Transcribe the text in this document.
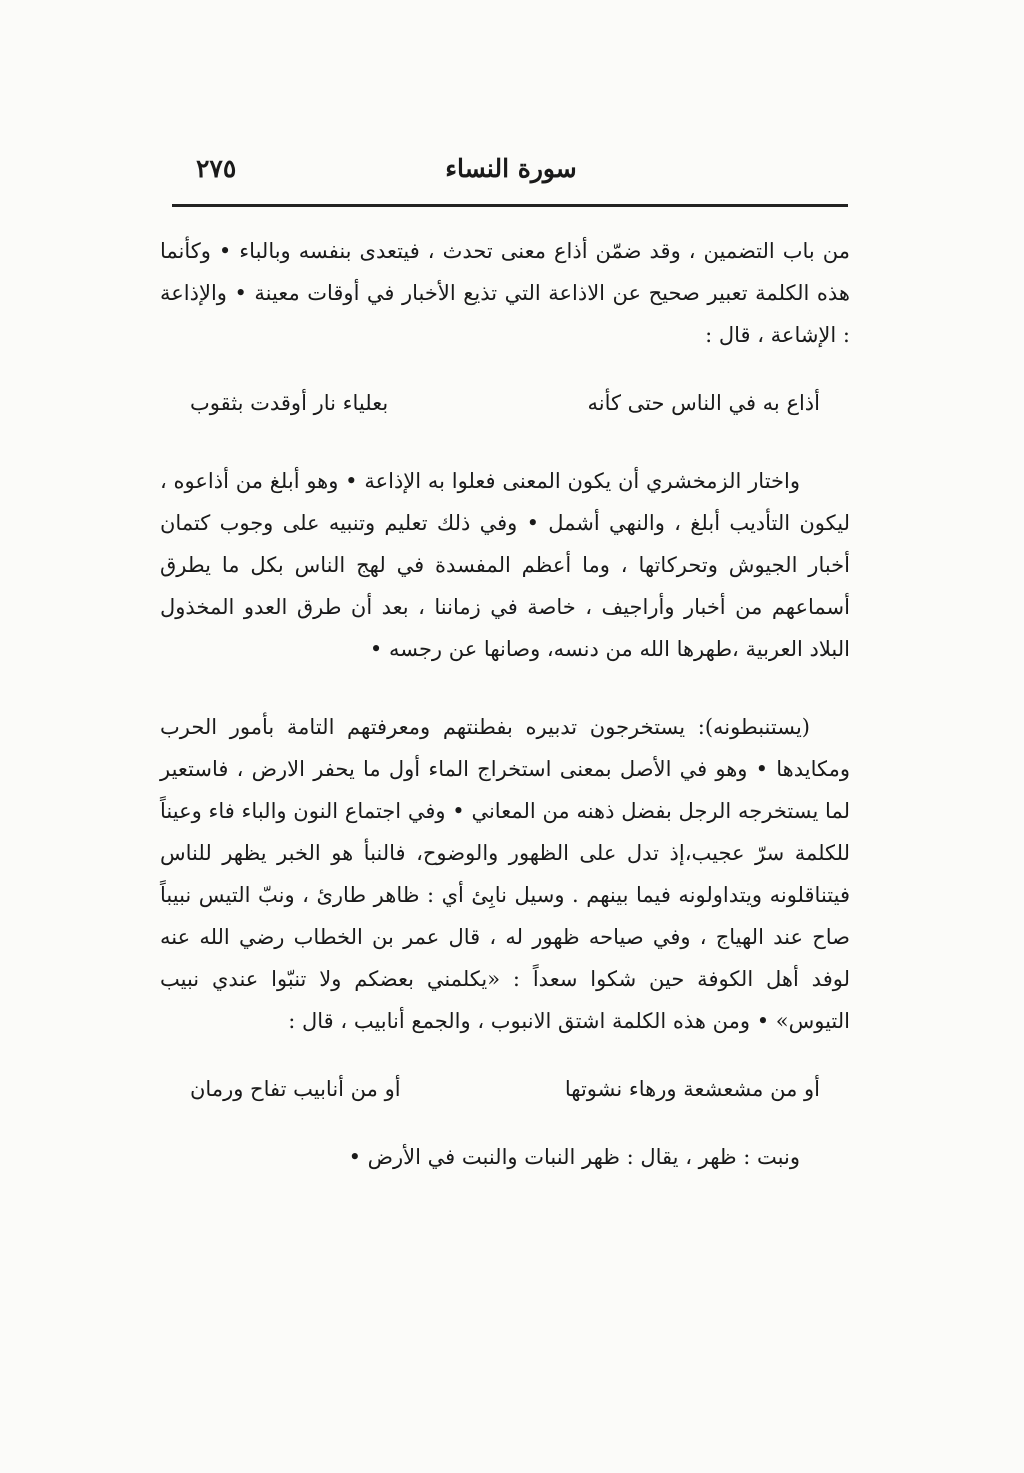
٢٧٥	سورة النساء

من باب التضمين ، وقد ضمّن أذاع معنى تحدث ، فيتعدى بنفسه وبالباء • وكأنما هذه الكلمة تعبير صحيح عن الاذاعة التي تذيع الأخبار في أوقات معينة • والإذاعة : الإشاعة ، قال :

أذاع به في الناس حتى كأنه
بعلياء نار أوقدت بثقوب

واختار الزمخشري أن يكون المعنى فعلوا به الإذاعة • وهو أبلغ من أذاعوه ، ليكون التأديب أبلغ ، والنهي أشمل • وفي ذلك تعليم وتنبيه على وجوب كتمان أخبار الجيوش وتحركاتها ، وما أعظم المفسدة في لهج الناس بكل ما يطرق أسماعهم من أخبار وأراجيف ، خاصة في زماننا ، بعد أن طرق العدو المخذول البلاد العربية ،طهرها الله من دنسه، وصانها عن رجسه •

(يستنبطونه): يستخرجون تدبيره بفطنتهم ومعرفتهم التامة بأمور الحرب ومكايدها • وهو في الأصل بمعنى استخراج الماء أول ما يحفر الارض ، فاستعير لما يستخرجه الرجل بفضل ذهنه من المعاني • وفي اجتماع النون والباء فاء وعيناً للكلمة سرّ عجيب،إذ تدل على الظهور والوضوح، فالنبأ هو الخبر يظهر للناس فيتناقلونه ويتداولونه فيما بينهم . وسيل نابِئ أي : ظاهر طارئ ، ونبّ التيس نبيباً صاح عند الهياج ، وفي صياحه ظهور له ، قال عمر بن الخطاب رضي الله عنه لوفد أهل الكوفة حين شكوا سعداً : «يكلمني بعضكم ولا تنبّوا عندي نبيب التيوس» • ومن هذه الكلمة اشتق الانبوب ، والجمع أنابيب ، قال :

أو من مشعشعة ورهاء نشوتها
أو من أنابيب تفاح ورمان

ونبت : ظهر ، يقال : ظهر النبات والنبت في الأرض •
